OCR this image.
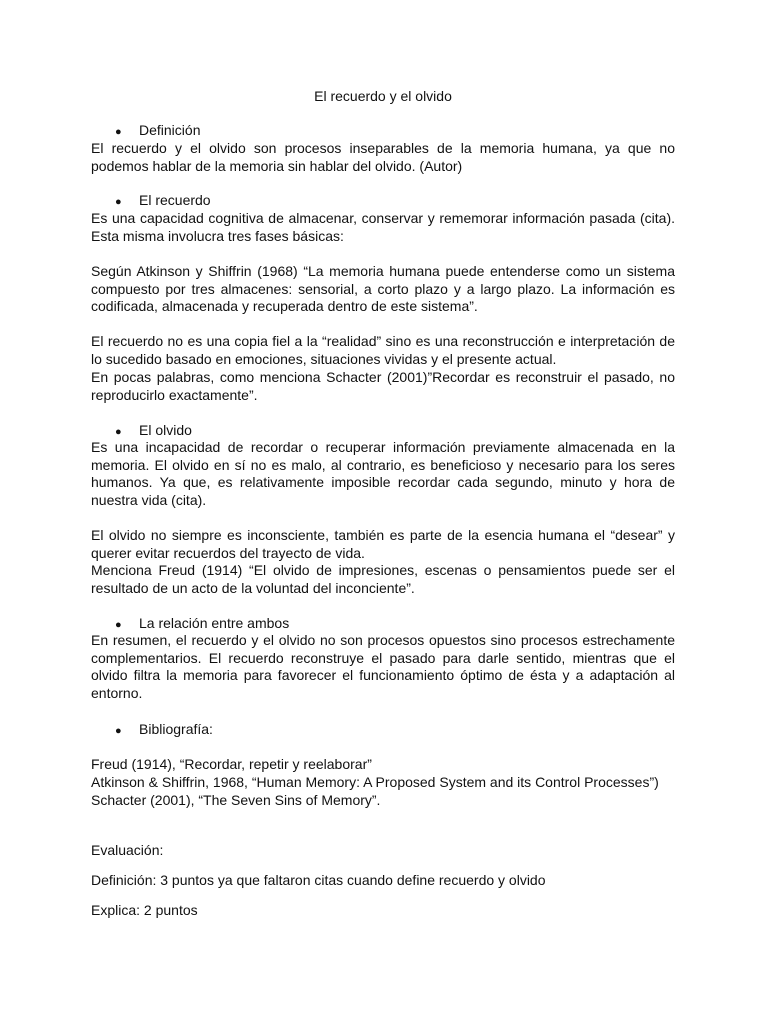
El recuerdo y el olvido
● Definición
El recuerdo y el olvido son procesos inseparables de la memoria humana, ya que no podemos hablar de la memoria sin hablar del olvido. (Autor)
● El recuerdo
Es una capacidad cognitiva de almacenar, conservar y rememorar información pasada (cita). Esta misma involucra tres fases básicas:
Según Atkinson y Shiffrin (1968) “La memoria humana puede entenderse como un sistema compuesto por tres almacenes: sensorial, a corto plazo y a largo plazo. La información es codificada, almacenada y recuperada dentro de este sistema”.
El recuerdo no es una copia fiel a la “realidad” sino es una reconstrucción e interpretación de lo sucedido basado en emociones, situaciones vividas y el presente actual.
En pocas palabras, como menciona Schacter (2001)”Recordar es reconstruir el pasado, no reproducirlo exactamente”.
● El olvido
Es una incapacidad de recordar o recuperar información previamente almacenada en la memoria. El olvido en sí no es malo, al contrario, es beneficioso y necesario para los seres humanos. Ya que, es relativamente imposible recordar cada segundo, minuto y hora de nuestra vida (cita).
El olvido no siempre es inconsciente, también es parte de la esencia humana el “desear” y querer evitar recuerdos del trayecto de vida.
Menciona Freud (1914) “El olvido de impresiones, escenas o pensamientos puede ser el resultado de un acto de la voluntad del inconciente”.
● La relación entre ambos
En resumen, el recuerdo y el olvido no son procesos opuestos sino procesos estrechamente complementarios. El recuerdo reconstruye el pasado para darle sentido, mientras que el olvido filtra la memoria para favorecer el funcionamiento óptimo de ésta y a adaptación al entorno.
● Bibliografía:
Freud (1914), “Recordar, repetir y reelaborar”
Atkinson & Shiffrin, 1968, “Human Memory: A Proposed System and its Control Processes”)
Schacter (2001), “The Seven Sins of Memory”.
Evaluación:
Definición: 3 puntos ya que faltaron citas cuando define recuerdo y olvido
Explica: 2 puntos
